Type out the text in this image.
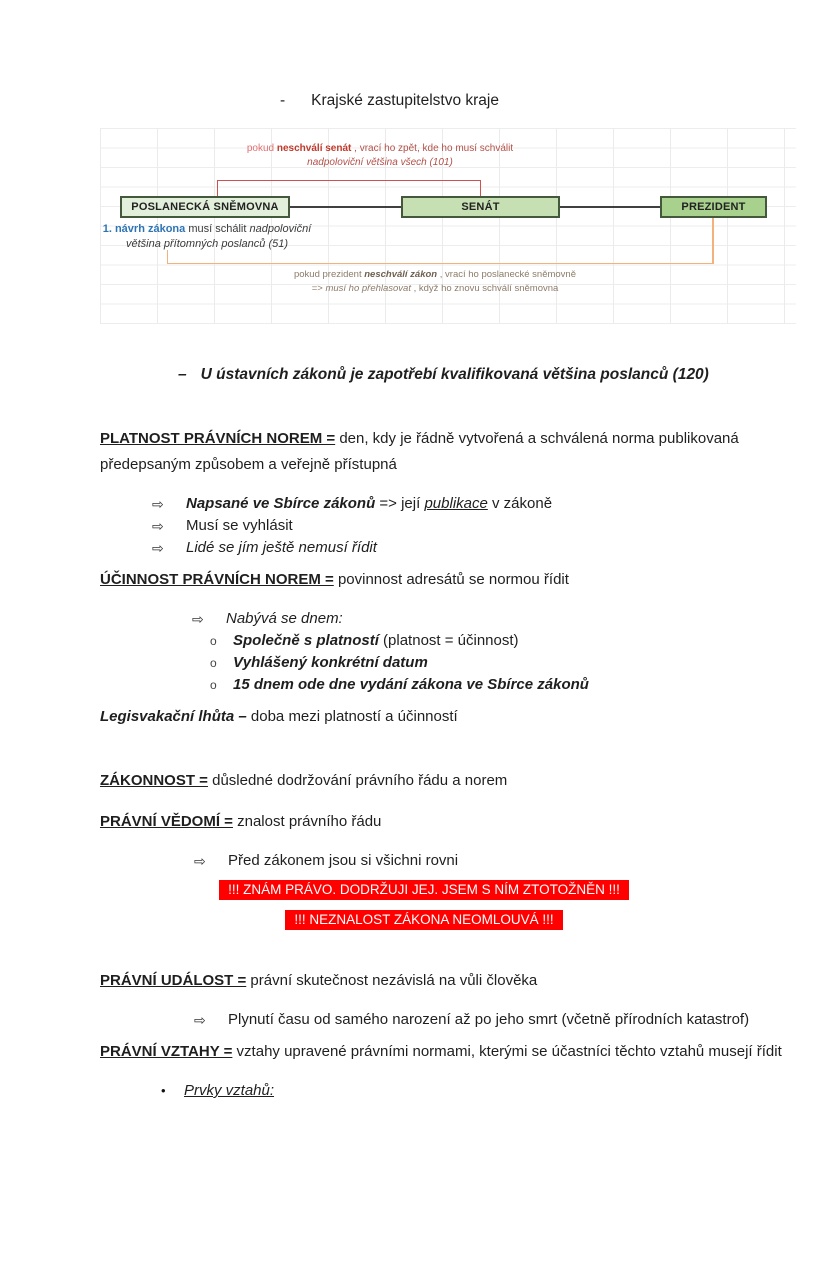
- Krajské zastupitelstvo kraje
pokud neschválí senát , vrací ho zpět, kde ho musí schválit
nadpoloviční většina všech (101)
POSLANECKÁ SNĚMOVNA	SENÁT	PREZIDENT
1. návrh zákona musí schálit nadpoloviční
většina přítomných poslanců (51)
pokud prezident neschválí zákon , vrací ho poslanecké sněmovně
=> musí ho přehlasovat , když ho znovu schválí sněmovna
– U ústavních zákonů je zapotřebí kvalifikovaná většina poslanců (120)

PLATNOST PRÁVNÍCH NOREM = den, kdy je řádně vytvořená a schválená norma publikovaná předepsaným způsobem a veřejně přístupná

⇨	Napsané ve Sbírce zákonů => její publikace v zákoně
⇨	Musí se vyhlásit
⇨	Lidé se jím ještě nemusí řídit

ÚČINNOST PRÁVNÍCH NOREM = povinnost adresátů se normou řídit

⇨	Nabývá se dnem:
o	Společně s platností (platnost = účinnost)
o	Vyhlášený konkrétní datum
o	15 dnem ode dne vydání zákona ve Sbírce zákonů

Legisvakační lhůta – doba mezi platností a účinností

ZÁKONNOST = důsledné dodržování právního řádu a norem

PRÁVNÍ VĚDOMÍ = znalost právního řádu

⇨	Před zákonem jsou si všichni rovni
!!! ZNÁM PRÁVO. DODRŽUJI JEJ. JSEM S NÍM ZTOTOŽNĚN !!!
!!! NEZNALOST ZÁKONA NEOMLOUVÁ !!!

PRÁVNÍ UDÁLOST = právní skutečnost nezávislá na vůli člověka

⇨	Plynutí času od samého narození až po jeho smrt (včetně přírodních katastrof)

PRÁVNÍ VZTAHY = vztahy upravené právními normami, kterými se účastníci těchto vztahů musejí řídit

•	Prvky vztahů:
